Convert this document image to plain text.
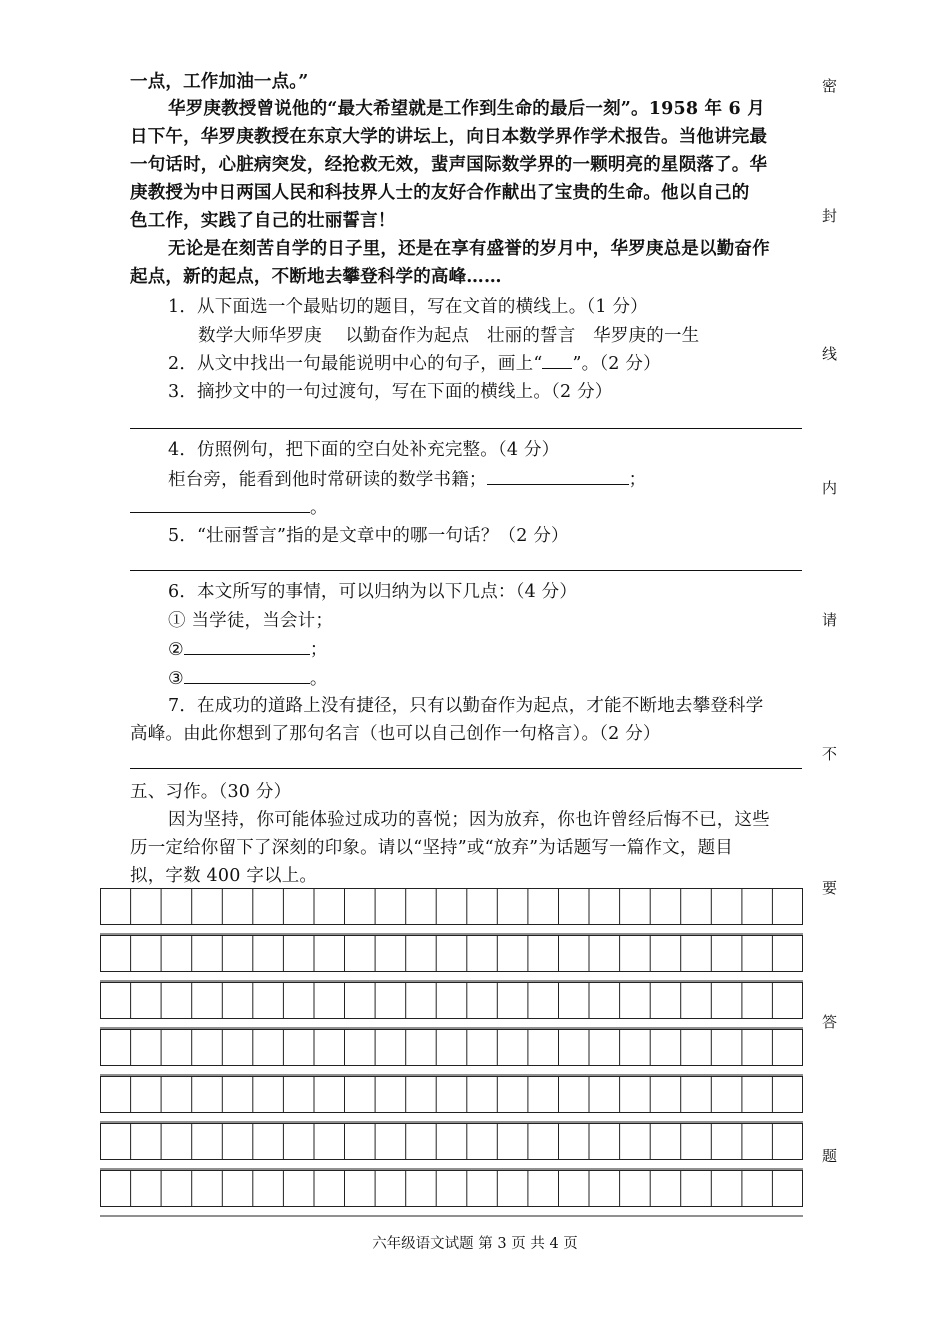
一点，工作加油一点。”
华罗庚教授曾说他的“最大希望就是工作到生命的最后一刻”。1958 年 6 月
日下午，华罗庚教授在东京大学的讲坛上，向日本数学界作学术报告。当他讲完最
一句话时，心脏病突发，经抢救无效，蜚声国际数学界的一颗明亮的星陨落了。华
庚教授为中日两国人民和科技界人士的友好合作献出了宝贵的生命。他以自己的
色工作，实践了自己的壮丽誓言！
无论是在刻苦自学的日子里，还是在享有盛誉的岁月中，华罗庚总是以勤奋作
起点，新的起点，不断地去攀登科学的高峰……
1．从下面选一个最贴切的题目，写在文首的横线上。（1 分）
数学大师华罗庚　 以勤奋作为起点　壮丽的誓言　华罗庚的一生
2．从文中找出一句最能说明中心的句子，画上“ ”。（2 分）
3．摘抄文中的一句过渡句，写在下面的横线上。（2 分）
4．仿照例句，把下面的空白处补充完整。（4 分）
柜台旁，能看到他时常研读的数学书籍；	；
。
5．“壮丽誓言”指的是文章中的哪一句话？（2 分）
6．本文所写的事情，可以归纳为以下几点：（4 分）
① 当学徒，当会计；
②	；
③	。
7．在成功的道路上没有捷径，只有以勤奋作为起点，才能不断地去攀登科学
高峰。由此你想到了那句名言（也可以自己创作一句格言）。（2 分）
五、习作。（30 分）
因为坚持，你可能体验过成功的喜悦；因为放弃，你也许曾经后悔不已，这些
历一定给你留下了深刻的印象。请以“坚持”或“放弃”为话题写一篇作文，题目
拟，字数 400 字以上。
密
封
线
内
请
不
要
答
题
六年级语文试题 第 3 页 共 4 页
